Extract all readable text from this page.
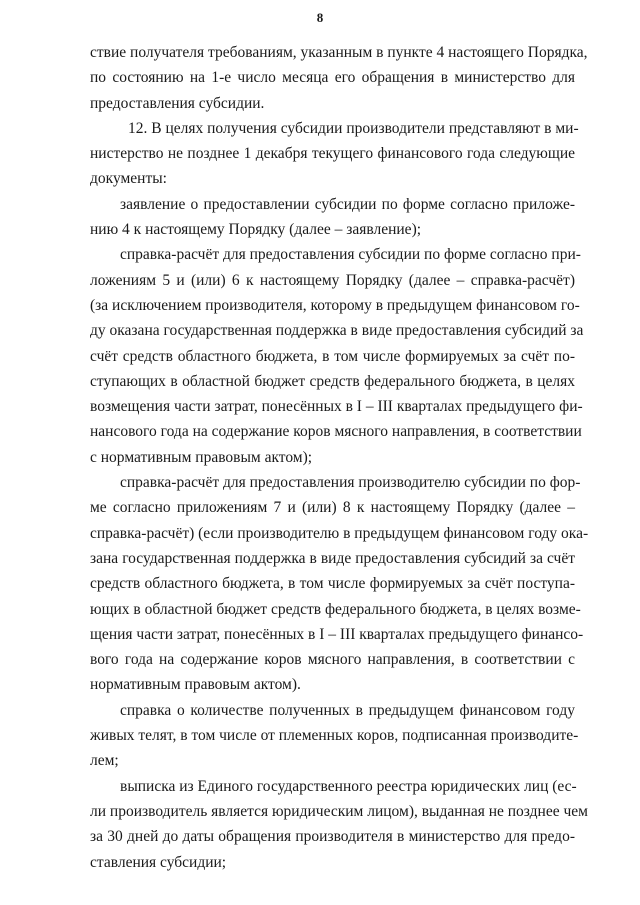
8
ствие получателя требованиям, указанным в пункте 4 настоящего Порядка,
по состоянию на 1-е число месяца его обращения в министерство для
предоставления субсидии.
12. В целях получения субсидии производители представляют в ми-
нистерство не позднее 1 декабря текущего финансового года следующие
документы:
заявление о предоставлении субсидии по форме согласно приложе-
нию 4 к настоящему Порядку (далее – заявление);
справка-расчёт для предоставления субсидии по форме согласно при-
ложениям 5 и (или) 6 к настоящему Порядку (далее – справка-расчёт)
(за исключением производителя, которому в предыдущем финансовом го-
ду оказана государственная поддержка в виде предоставления субсидий за
счёт средств областного бюджета, в том числе формируемых за счёт по-
ступающих в областной бюджет средств федерального бюджета, в целях
возмещения части затрат, понесённых в I – III кварталах предыдущего фи-
нансового года на содержание коров мясного направления, в соответствии
с нормативным правовым актом);
справка-расчёт для предоставления производителю субсидии по фор-
ме согласно приложениям 7 и (или) 8 к настоящему Порядку (далее –
справка-расчёт) (если производителю в предыдущем финансовом году ока-
зана государственная поддержка в виде предоставления субсидий за счёт
средств областного бюджета, в том числе формируемых за счёт поступа-
ющих в областной бюджет средств федерального бюджета, в целях возме-
щения части затрат, понесённых в I – III кварталах предыдущего финансо-
вого года на содержание коров мясного направления, в соответствии с
нормативным правовым актом).
справка о количестве полученных в предыдущем финансовом году
живых телят, в том числе от племенных коров, подписанная производите-
лем;
выписка из Единого государственного реестра юридических лиц (ес-
ли производитель является юридическим лицом), выданная не позднее чем
за 30 дней до даты обращения производителя в министерство для предо-
ставления субсидии;
